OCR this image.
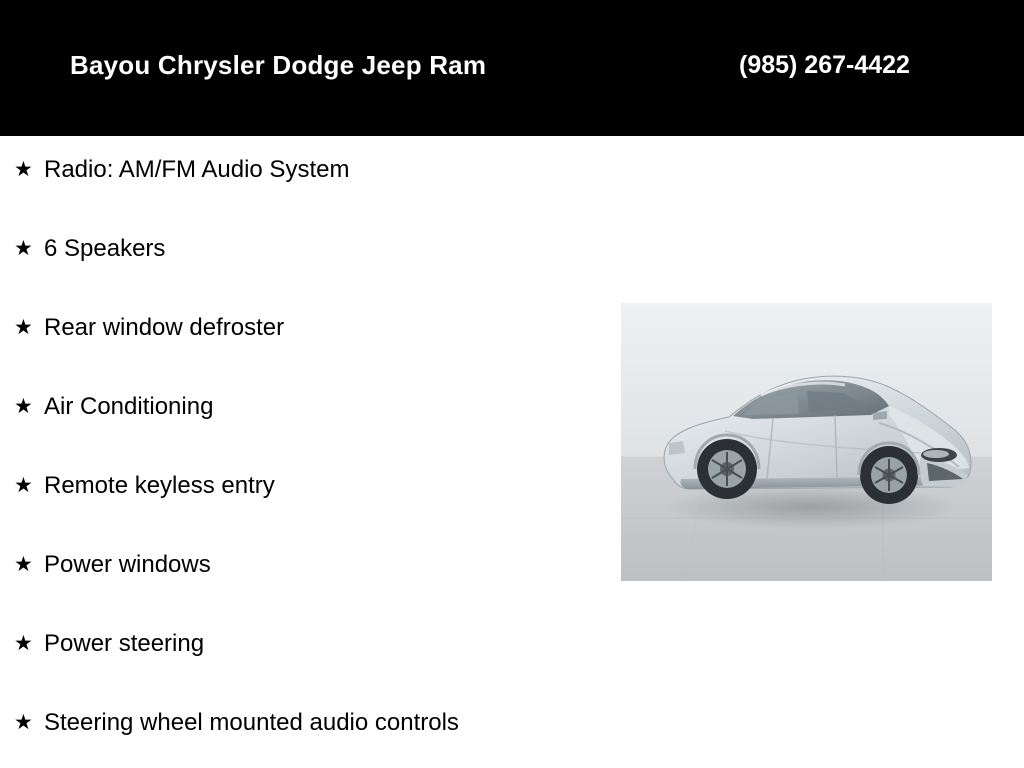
Bayou Chrysler Dodge Jeep Ram	(985) 267-4422
★ Radio: AM/FM Audio System
★ 6 Speakers
★ Rear window defroster
★ Air Conditioning
★ Remote keyless entry
★ Power windows
★ Power steering
★ Steering wheel mounted audio controls
